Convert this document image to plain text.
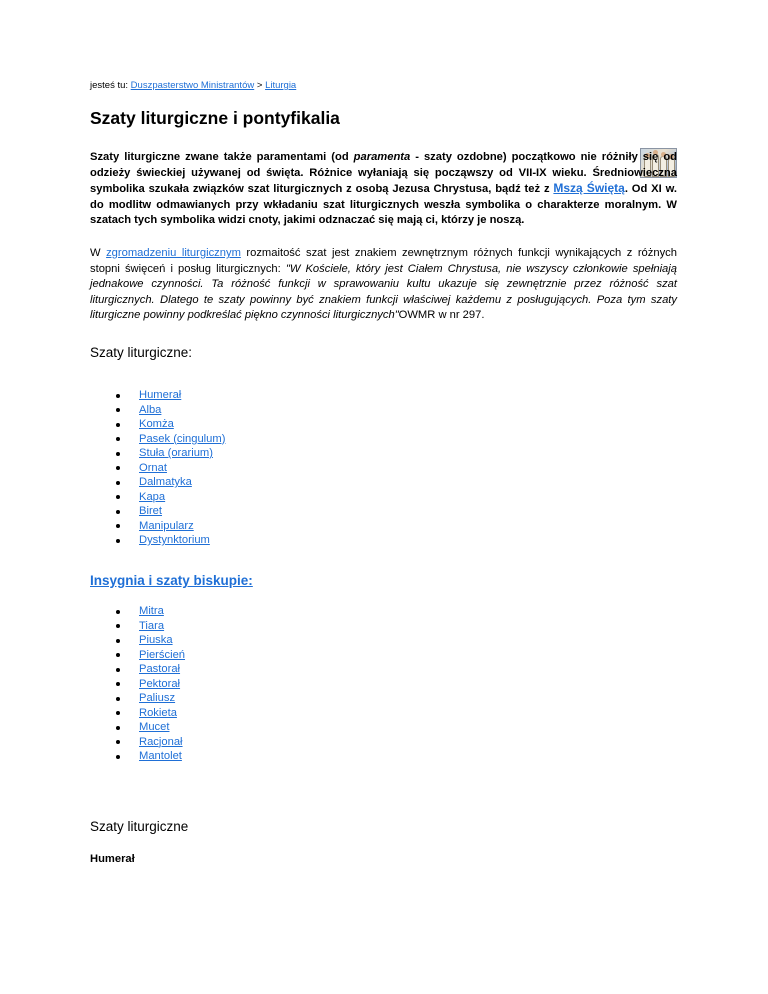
jesteś tu: Duszpasterstwo Ministrantów > Liturgia
Szaty liturgiczne i pontyfikalia

Szaty liturgiczne zwane także paramentami (od paramenta - szaty ozdobne) początkowo nie różniły się od odzieży świeckiej używanej od święta. Różnice wyłaniają się począwszy od VII-IX wieku. Średniowieczna symbolika szukała związków szat liturgicznych z osobą Jezusa Chrystusa, bądź też z Mszą Świętą. Od XI w. do modlitw odmawianych przy wkładaniu szat liturgicznych weszła symbolika o charakterze moralnym. W szatach tych symbolika widzi cnoty, jakimi odznaczać się mają ci, którzy je noszą.

W zgromadzeniu liturgicznym rozmaitość szat jest znakiem zewnętrznym różnych funkcji wynikających z różnych stopni święceń i posług liturgicznych: "W Kościele, który jest Ciałem Chrystusa, nie wszyscy członkowie spełniają jednakowe czynności. Ta różność funkcji w sprawowaniu kultu ukazuje się zewnętrznie przez różność szat liturgicznych. Dlatego te szaty powinny być znakiem funkcji właściwej każdemu z posługujących. Poza tym szaty liturgiczne powinny podkreślać piękno czynności liturgicznych"OWMR w nr 297.

Szaty liturgiczne:
Humerał
Alba
Komża
Pasek (cingulum)
Stuła (orarium)
Ornat
Dalmatyka
Kapa
Biret
Manipularz
Dystynktorium
Insygnia i szaty biskupie:
Mitra
Tiara
Piuska
Pierścień
Pastorał
Pektorał
Paliusz
Rokieta
Mucet
Racjonał
Mantolet
Szaty liturgiczne
Humerał
